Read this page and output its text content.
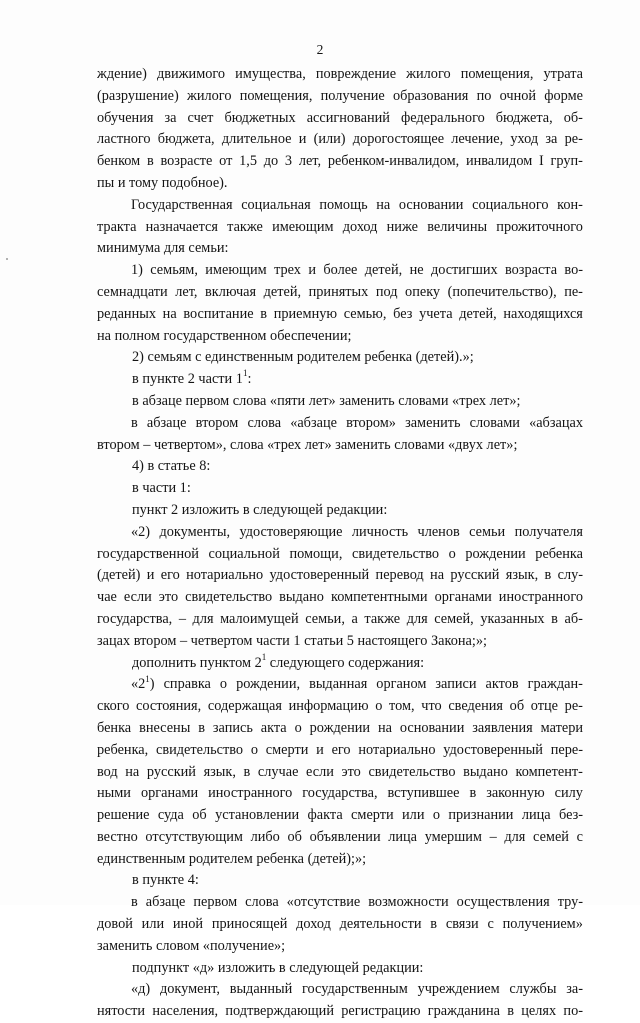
2
ждение) движимого имущества, повреждение жилого помещения, утрата
(разрушение) жилого помещения, получение образования по очной форме
обучения за счет бюджетных ассигнований федерального бюджета, об-
ластного бюджета, длительное и (или) дорогостоящее лечение, уход за ре-
бенком в возрасте от 1,5 до 3 лет, ребенком-инвалидом, инвалидом I груп-
пы и тому подобное).
Государственная социальная помощь на основании социального кон-
тракта назначается также имеющим доход ниже величины прожиточного
минимума для семьи:
1) семьям, имеющим трех и более детей, не достигших возраста во-
семнадцати лет, включая детей, принятых под опеку (попечительство), пе-
реданных на воспитание в приемную семью, без учета детей, находящихся
на полном государственном обеспечении;
2) семьям с единственным родителем ребенка (детей).»;
в пункте 2 части $1^1$:
в абзаце первом слова «пяти лет» заменить словами «трех лет»;
в абзаце втором слова «абзаце втором» заменить словами «абзацах
втором – четвертом», слова «трех лет» заменить словами «двух лет»;
4) в статье 8:
в части 1:
пункт 2 изложить в следующей редакции:
«2) документы, удостоверяющие личность членов семьи получателя
государственной социальной помощи, свидетельство о рождении ребенка
(детей) и его нотариально удостоверенный перевод на русский язык, в слу-
чае если это свидетельство выдано компетентными органами иностранного
государства, – для малоимущей семьи, а также для семей, указанных в аб-
зацах втором – четвертом части 1 статьи 5 настоящего Закона;»;
дополнить пунктом $2^1$ следующего содержания:
«$2^1$) справка о рождении, выданная органом записи актов граждан-
ского состояния, содержащая информацию о том, что сведения об отце ре-
бенка внесены в запись акта о рождении на основании заявления матери
ребенка, свидетельство о смерти и его нотариально удостоверенный пере-
вод на русский язык, в случае если это свидетельство выдано компетент-
ными органами иностранного государства, вступившее в законную силу
решение суда об установлении факта смерти или о признании лица без-
вестно отсутствующим либо об объявлении лица умершим – для семей с
единственным родителем ребенка (детей);»;
в пункте 4:
в абзаце первом слова «отсутствие возможности осуществления тру-
довой или иной приносящей доход деятельности в связи с получением»
заменить словом «получение»;
подпункт «д» изложить в следующей редакции:
«д) документ, выданный государственным учреждением службы за-
нятости населения, подтверждающий регистрацию гражданина в целях по-
